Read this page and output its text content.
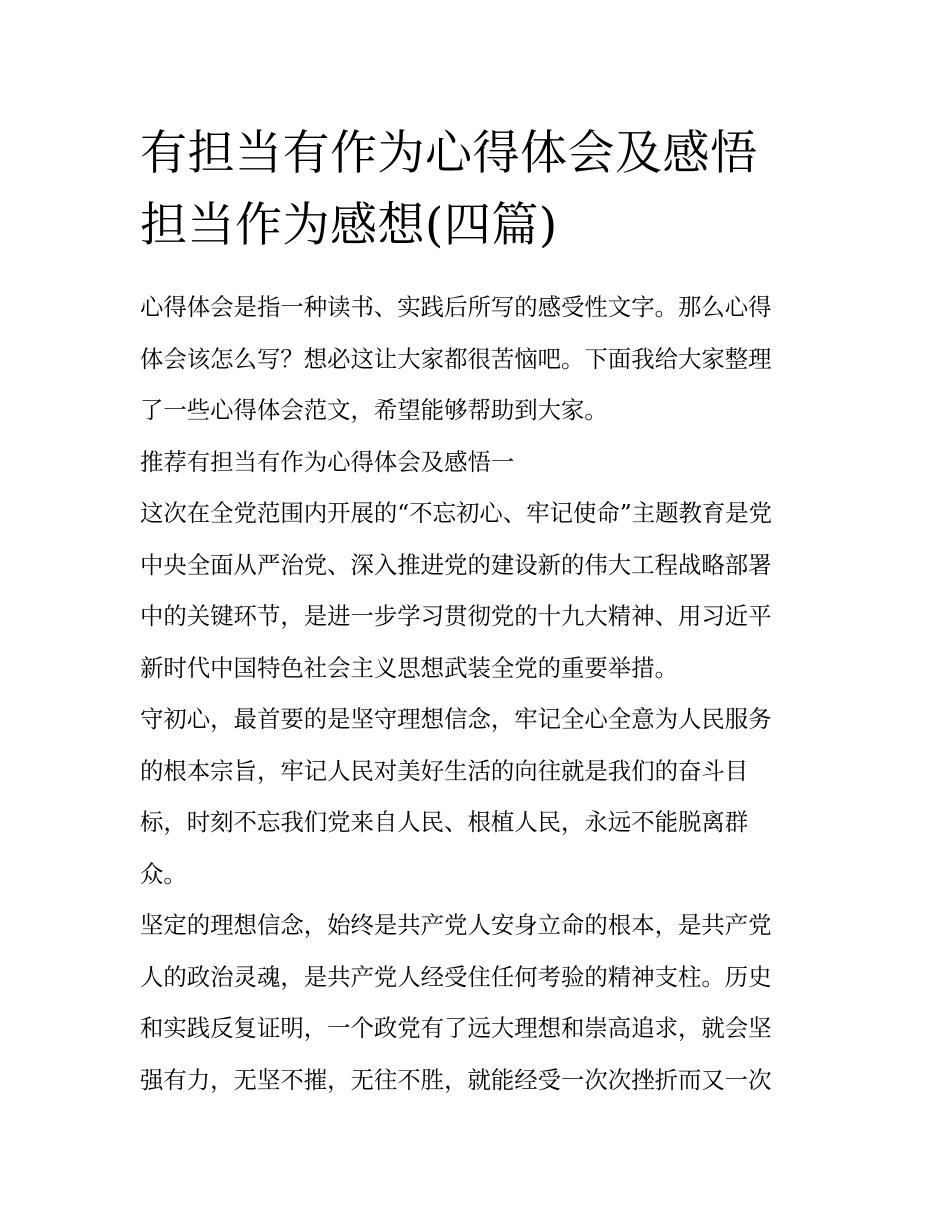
有担当有作为心得体会及感悟
担当作为感想(四篇)

心得体会是指一种读书、实践后所写的感受性文字。那么心得
体会该怎么写？想必这让大家都很苦恼吧。下面我给大家整理
了一些心得体会范文，希望能够帮助到大家。

推荐有担当有作为心得体会及感悟一

这次在全党范围内开展的“不忘初心、牢记使命”主题教育是党
中央全面从严治党、深入推进党的建设新的伟大工程战略部署
中的关键环节，是进一步学习贯彻党的十九大精神、用习近平
新时代中国特色社会主义思想武装全党的重要举措。

守初心，最首要的是坚守理想信念，牢记全心全意为人民服务
的根本宗旨，牢记人民对美好生活的向往就是我们的奋斗目
标，时刻不忘我们党来自人民、根植人民，永远不能脱离群
众。

坚定的理想信念，始终是共产党人安身立命的根本，是共产党
人的政治灵魂，是共产党人经受住任何考验的精神支柱。历史
和实践反复证明，一个政党有了远大理想和崇高追求，就会坚
强有力，无坚不摧，无往不胜，就能经受一次次挫折而又一次
